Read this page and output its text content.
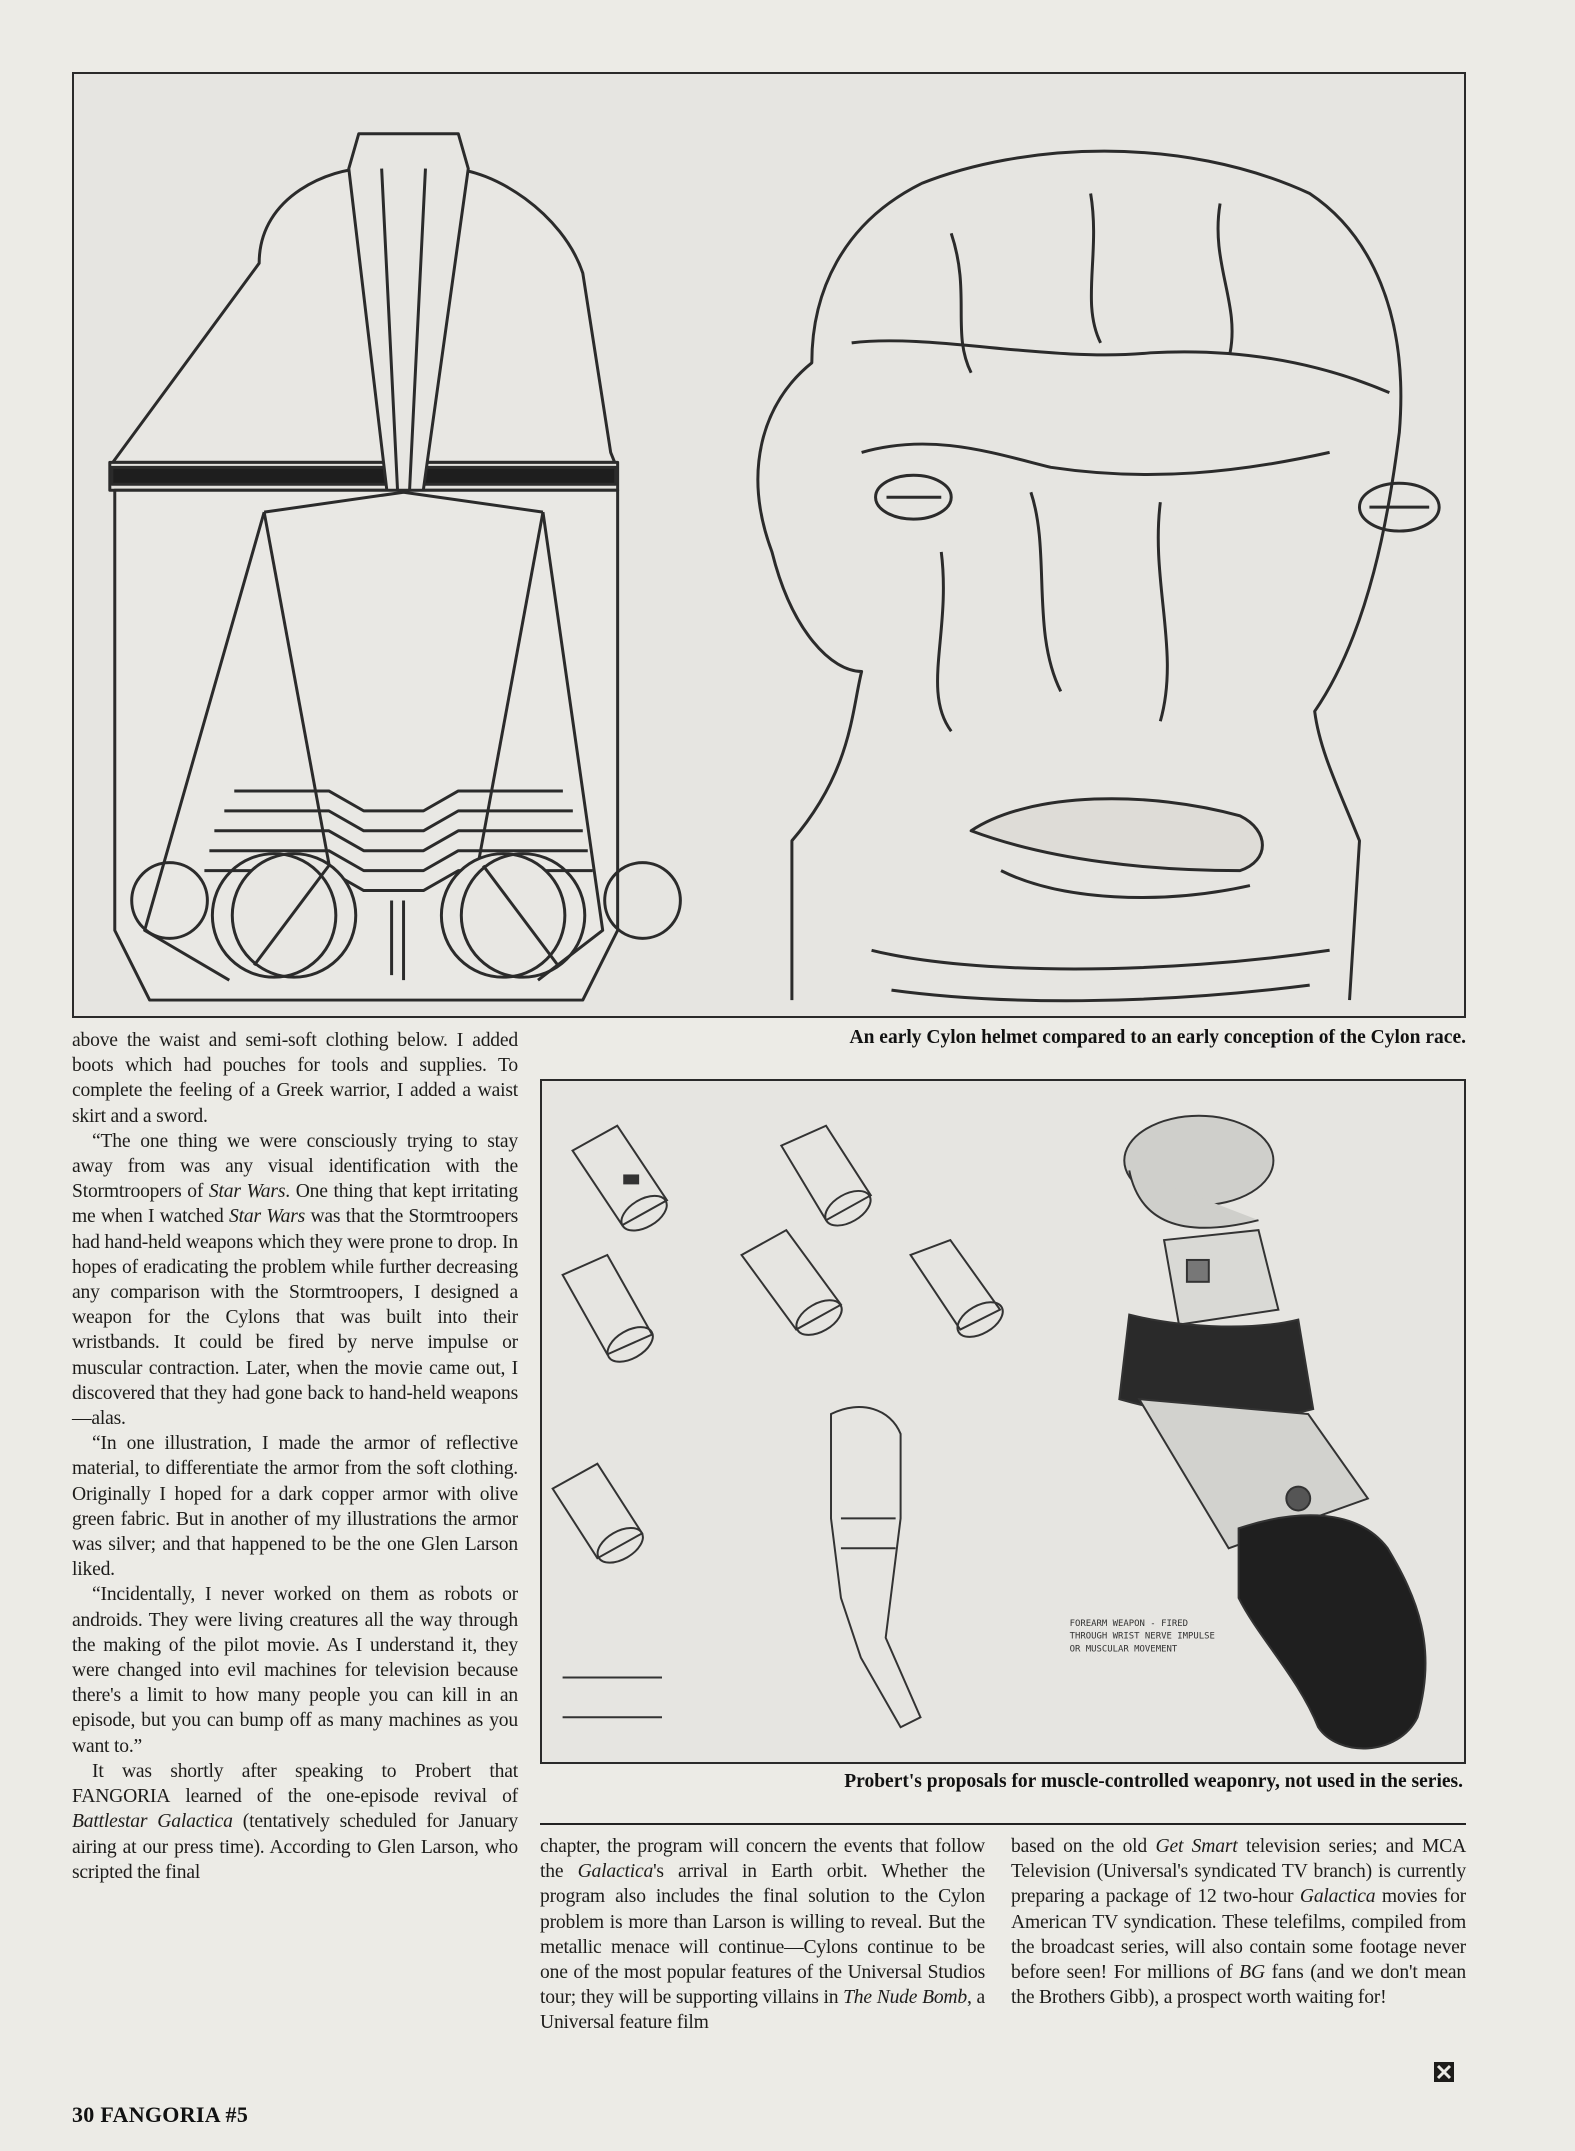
An early Cylon helmet compared to an early conception of the Cylon race.
FOREARM WEAPON - FIRED
THROUGH WRIST NERVE IMPULSE
OR MUSCULAR MOVEMENT
Probert's proposals for muscle-controlled weaponry, not used in the series.

above the waist and semi-soft clothing below. I added boots which had pouches for tools and supplies. To complete the feeling of a Greek warrior, I added a waist skirt and a sword.

“The one thing we were consciously trying to stay away from was any visual identification with the Stormtroopers of Star Wars. One thing that kept irritating me when I watched Star Wars was that the Stormtroopers had hand-held weapons which they were prone to drop. In hopes of eradicating the problem while further decreasing any comparison with the Stormtroopers, I designed a weapon for the Cylons that was built into their wristbands. It could be fired by nerve impulse or muscular contraction. Later, when the movie came out, I discovered that they had gone back to hand-held weapons—alas.

“In one illustration, I made the armor of reflective material, to differentiate the armor from the soft clothing. Originally I hoped for a dark copper armor with olive green fabric. But in another of my illustrations the armor was silver; and that happened to be the one Glen Larson liked.

“Incidentally, I never worked on them as robots or androids. They were living creatures all the way through the making of the pilot movie. As I understand it, they were changed into evil machines for television because there's a limit to how many people you can kill in an episode, but you can bump off as many machines as you want to.”

It was shortly after speaking to Probert that FANGORIA learned of the one-episode revival of Battlestar Galactica (tentatively scheduled for January airing at our press time). According to Glen Larson, who scripted the final

chapter, the program will concern the events that follow the Galactica's arrival in Earth orbit. Whether the program also includes the final solution to the Cylon problem is more than Larson is willing to reveal. But the metallic menace will continue—Cylons continue to be one of the most popular features of the Universal Studios tour; they will be supporting villains in The Nude Bomb, a Universal feature film

based on the old Get Smart television series; and MCA Television (Universal's syndicated TV branch) is currently preparing a package of 12 two-hour Galactica movies for American TV syndication. These telefilms, compiled from the broadcast series, will also contain some footage never before seen! For millions of BG fans (and we don't mean the Brothers Gibb), a prospect worth waiting for!

30 FANGORIA #5
